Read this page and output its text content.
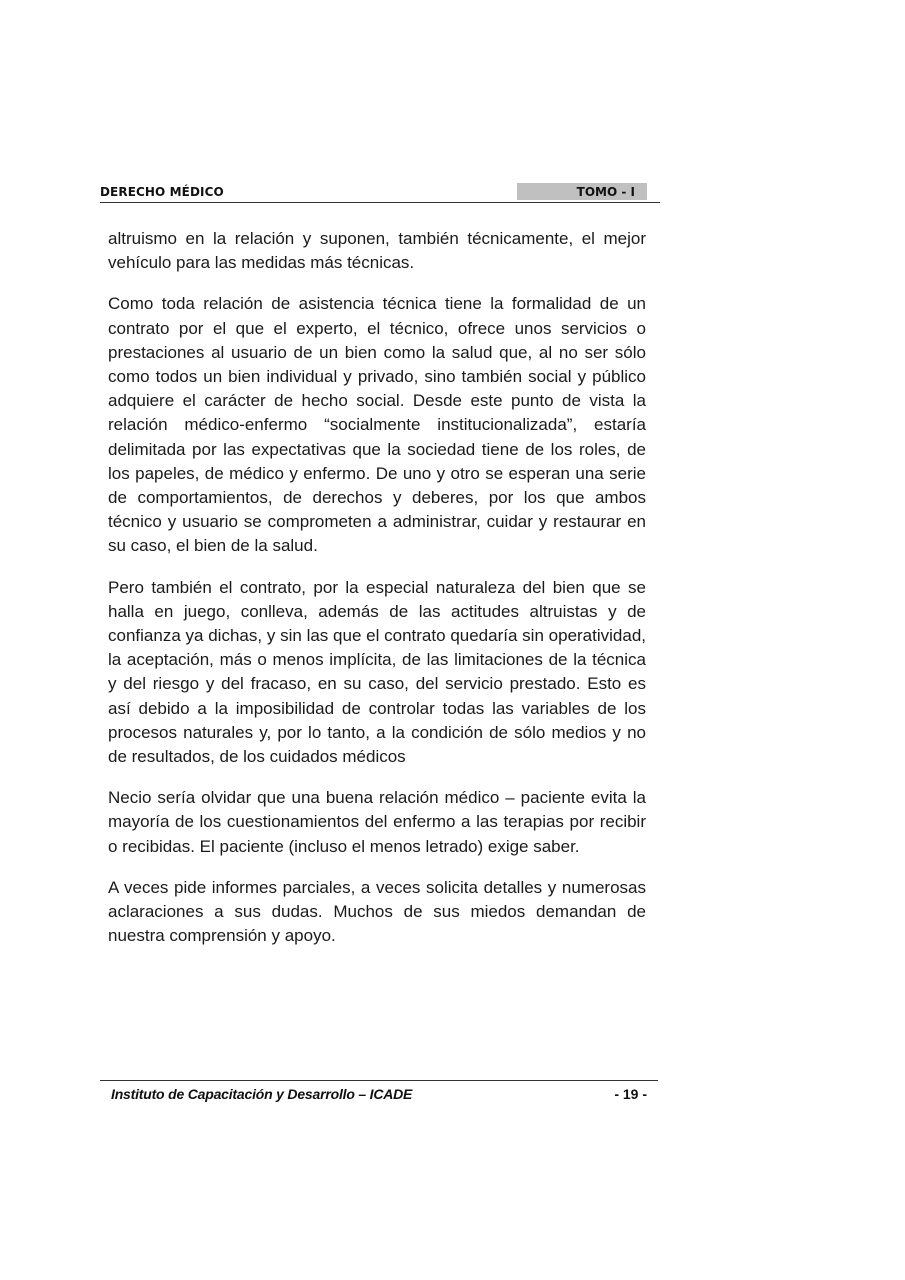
DERECHO MÉDICO	TOMO - I

altruismo en la relación y suponen, también técnicamente, el mejor vehículo para las medidas más técnicas.

Como toda relación de asistencia técnica tiene la formalidad de un contrato por el que el experto, el técnico, ofrece unos servicios o prestaciones al usuario de un bien como la salud que, al no ser sólo como todos un bien individual y privado, sino también social y público adquiere el carácter de hecho social. Desde este punto de vista la relación médico-enfermo “socialmente institucionalizada”, estaría delimitada por las expectativas que la sociedad tiene de los roles, de los papeles, de médico y enfermo. De uno y otro se esperan una serie de comportamientos, de derechos y deberes, por los que ambos técnico y usuario se comprometen a administrar, cuidar y restaurar en su caso, el bien de la salud.

Pero también el contrato, por la especial naturaleza del bien que se halla en juego, conlleva, además de las actitudes altruistas y de confianza ya dichas, y sin las que el contrato quedaría sin operatividad, la aceptación, más o menos implícita, de las limitaciones de la técnica y del riesgo y del fracaso, en su caso, del servicio prestado. Esto es así debido a la imposibilidad de controlar todas las variables de los procesos naturales y, por lo tanto, a la condición de sólo medios y no de resultados, de los cuidados médicos

Necio sería olvidar que una buena relación médico – paciente evita la mayoría de los cuestionamientos del enfermo a las terapias por recibir o recibidas. El paciente (incluso el menos letrado) exige saber.

A veces pide informes parciales, a veces solicita detalles y numerosas aclaraciones a sus dudas. Muchos de sus miedos demandan de nuestra comprensión y apoyo.

Instituto de Capacitación y Desarrollo – ICADE	- 19 -
